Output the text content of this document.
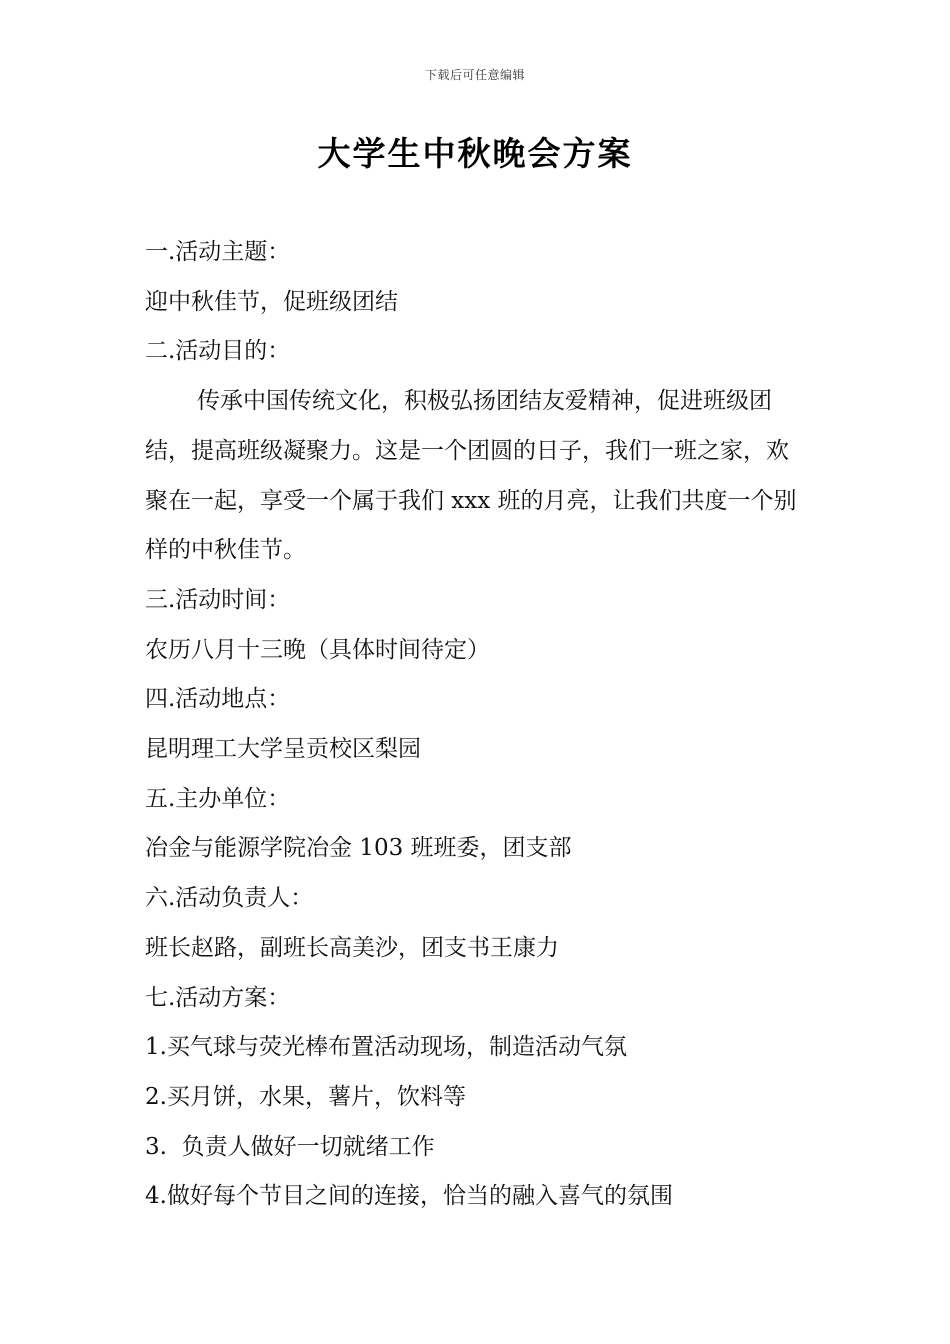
下载后可任意编辑
大学生中秋晚会方案

一.活动主题：

迎中秋佳节，促班级团结

二.活动目的：

传承中国传统文化，积极弘扬团结友爱精神，促进班级团结，提高班级凝聚力。这是一个团圆的日子，我们一班之家，欢聚在一起，享受一个属于我们 xxx 班的月亮，让我们共度一个别样的中秋佳节。

三.活动时间：

农历八月十三晚（具体时间待定）

四.活动地点：

昆明理工大学呈贡校区梨园

五.主办单位：

冶金与能源学院冶金 103 班班委，团支部

六.活动负责人：

班长赵路，副班长高美沙，团支书王康力

七.活动方案：

1.买气球与荧光棒布置活动现场，制造活动气氛

2.买月饼，水果，薯片，饮料等

3.  负责人做好一切就绪工作

4.做好每个节目之间的连接，恰当的融入喜气的氛围
